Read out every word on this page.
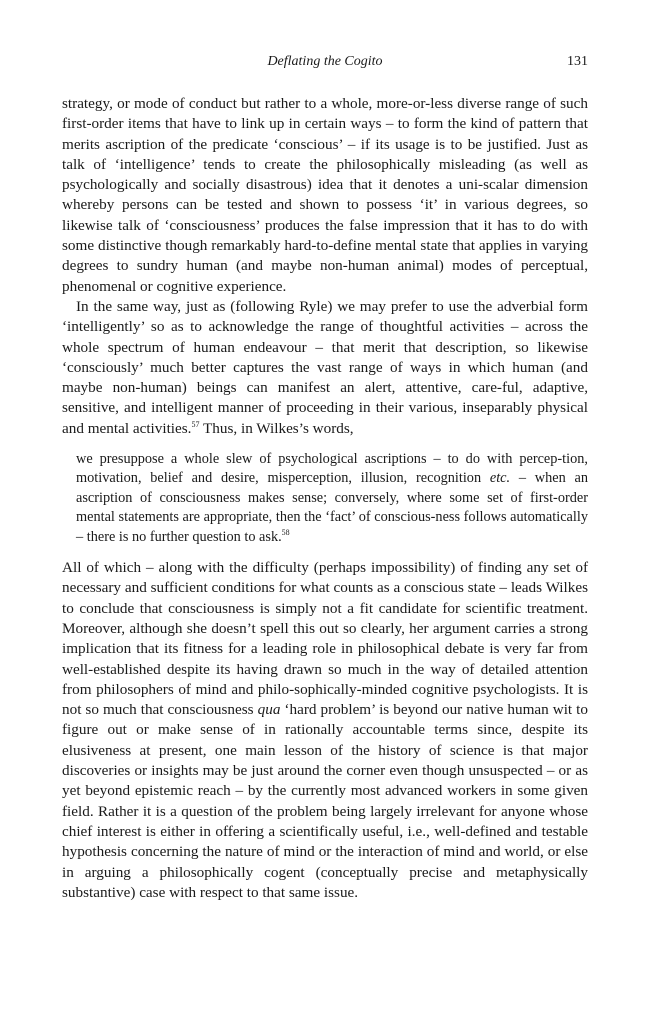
Deflating the Cogito	131

strategy, or mode of conduct but rather to a whole, more-or-less diverse range of such first-order items that have to link up in certain ways – to form the kind of pattern that merits ascription of the predicate ‘conscious’ – if its usage is to be justified. Just as talk of ‘intelligence’ tends to create the philosophically misleading (as well as psychologically and socially disastrous) idea that it denotes a uni-scalar dimension whereby persons can be tested and shown to possess ‘it’ in various degrees, so likewise talk of ‘consciousness’ produces the false impression that it has to do with some distinctive though remarkably hard-to-define mental state that applies in varying degrees to sundry human (and maybe non-human animal) modes of perceptual, phenomenal or cognitive experience.

In the same way, just as (following Ryle) we may prefer to use the adverbial form ‘intelligently’ so as to acknowledge the range of thoughtful activities – across the whole spectrum of human endeavour – that merit that description, so likewise ‘consciously’ much better captures the vast range of ways in which human (and maybe non-human) beings can manifest an alert, attentive, care-ful, adaptive, sensitive, and intelligent manner of proceeding in their various, inseparably physical and mental activities.$^{57}$ Thus, in Wilkes’s words,

we presuppose a whole slew of psychological ascriptions – to do with percep-tion, motivation, belief and desire, misperception, illusion, recognition etc. – when an ascription of consciousness makes sense; conversely, where some set of first-order mental statements are appropriate, then the ‘fact’ of conscious-ness follows automatically – there is no further question to ask.$^{58}$

All of which – along with the difficulty (perhaps impossibility) of finding any set of necessary and sufficient conditions for what counts as a conscious state – leads Wilkes to conclude that consciousness is simply not a fit candidate for scientific treatment. Moreover, although she doesn’t spell this out so clearly, her argument carries a strong implication that its fitness for a leading role in philosophical debate is very far from well-established despite its having drawn so much in the way of detailed attention from philosophers of mind and philo-sophically-minded cognitive psychologists. It is not so much that consciousness qua ‘hard problem’ is beyond our native human wit to figure out or make sense of in rationally accountable terms since, despite its elusiveness at present, one main lesson of the history of science is that major discoveries or insights may be just around the corner even though unsuspected – or as yet beyond epistemic reach – by the currently most advanced workers in some given field. Rather it is a question of the problem being largely irrelevant for anyone whose chief interest is either in offering a scientifically useful, i.e., well-defined and testable hypothesis concerning the nature of mind or the interaction of mind and world, or else in arguing a philosophically cogent (conceptually precise and metaphysically substantive) case with respect to that same issue.
